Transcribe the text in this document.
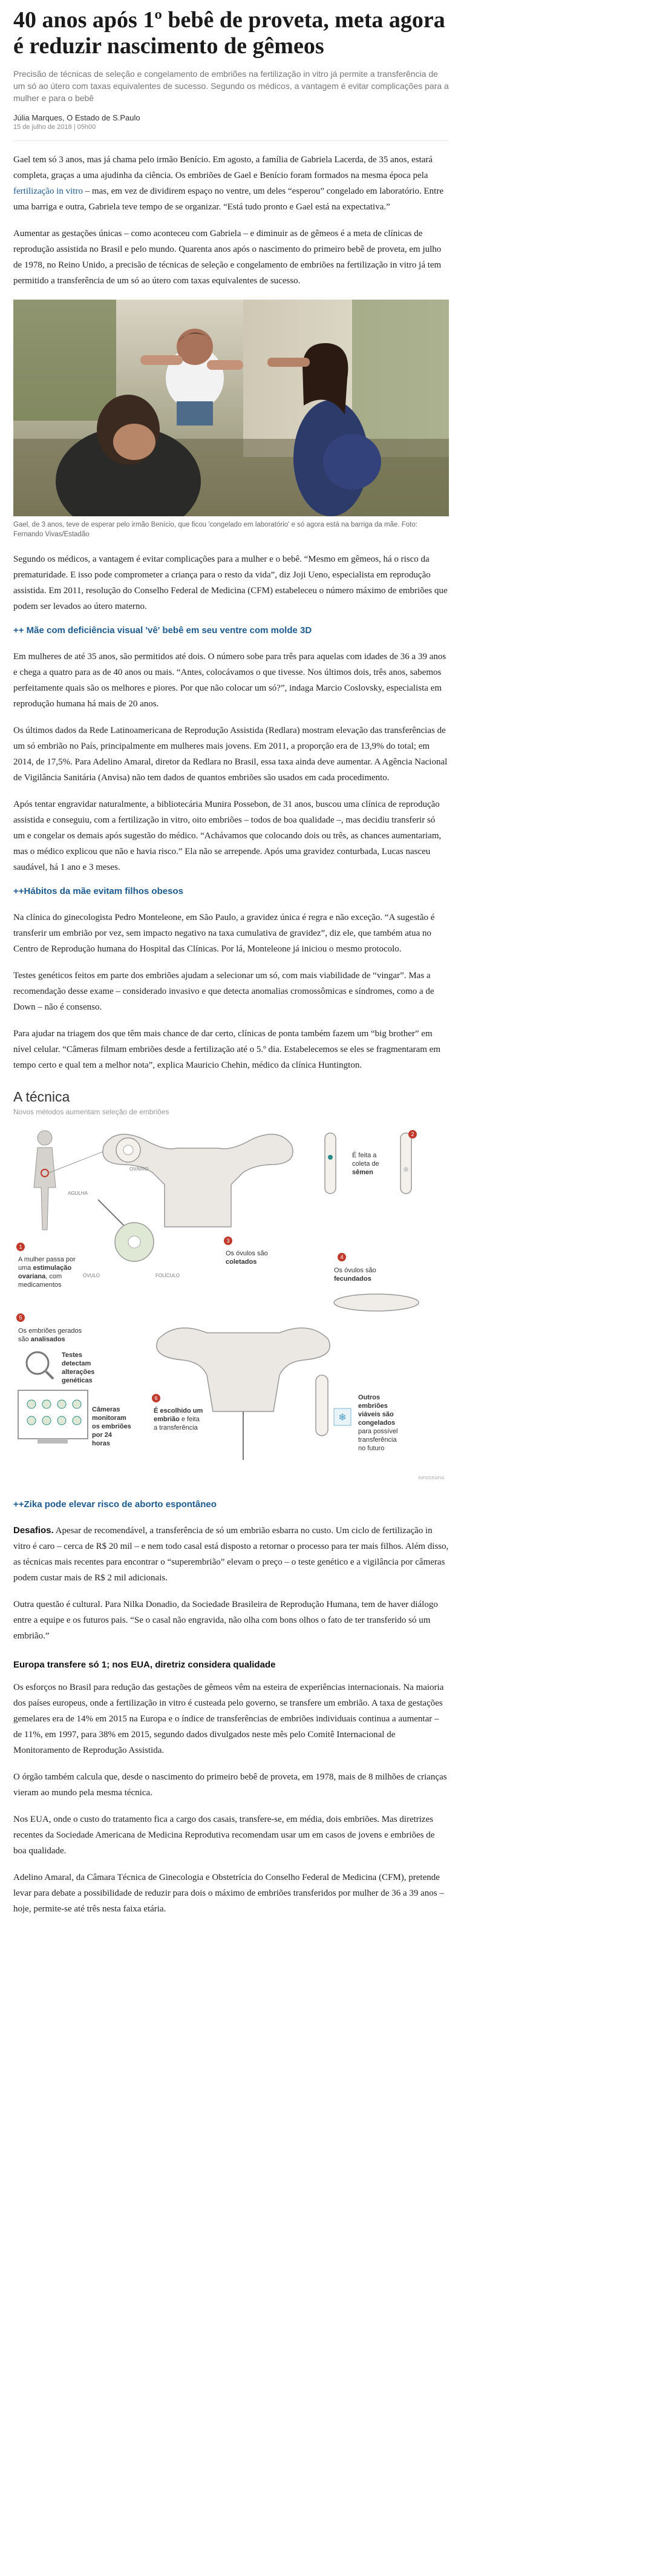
40 anos após 1º bebê de proveta, meta agora é reduzir nascimento de gêmeos

Precisão de técnicas de seleção e congelamento de embriões na fertilização in vitro já permite a transferência de um só ao útero com taxas equivalentes de sucesso. Segundo os médicos, a vantagem é evitar complicações para a mulher e para o bebê

Júlia Marques, O Estado de S.Paulo
15 de julho de 2018 | 05h00

Gael tem só 3 anos, mas já chama pelo irmão Benício. Em agosto, a família de Gabriela Lacerda, de 35 anos, estará completa, graças a uma ajudinha da ciência. Os embriões de Gael e Benício foram formados na mesma época pela fertilização in vitro – mas, em vez de dividirem espaço no ventre, um deles “esperou” congelado em laboratório. Entre uma barriga e outra, Gabriela teve tempo de se organizar. “Está tudo pronto e Gael está na expectativa.”

Aumentar as gestações únicas – como aconteceu com Gabriela – e diminuir as de gêmeos é a meta de clínicas de reprodução assistida no Brasil e pelo mundo. Quarenta anos após o nascimento do primeiro bebê de proveta, em julho de 1978, no Reino Unido, a precisão de técnicas de seleção e congelamento de embriões na fertilização in vitro já tem permitido a transferência de um só ao útero com taxas equivalentes de sucesso.

Gael, de 3 anos, teve de esperar pelo irmão Benício, que ficou 'congelado em laboratório' e só agora está na barriga da mãe. Foto: Fernando Vivas/Estadão

Segundo os médicos, a vantagem é evitar complicações para a mulher e o bebê. “Mesmo em gêmeos, há o risco da prematuridade. E isso pode comprometer a criança para o resto da vida”, diz Joji Ueno, especialista em reprodução assistida. Em 2011, resolução do Conselho Federal de Medicina (CFM) estabeleceu o número máximo de embriões que podem ser levados ao útero materno.

++ Mãe com deficiência visual 'vê' bebê em seu ventre com molde 3D

Em mulheres de até 35 anos, são permitidos até dois. O número sobe para três para aquelas com idades de 36 a 39 anos e chega a quatro para as de 40 anos ou mais. “Antes, colocávamos o que tivesse. Nos últimos dois, três anos, sabemos perfeitamente quais são os melhores e piores. Por que não colocar um só?”, indaga Marcio Coslovsky, especialista em reprodução humana há mais de 20 anos.

Os últimos dados da Rede Latinoamericana de Reprodução Assistida (Redlara) mostram elevação das transferências de um só embrião no País, principalmente em mulheres mais jovens. Em 2011, a proporção era de 13,9% do total; em 2014, de 17,5%. Para Adelino Amaral, diretor da Redlara no Brasil, essa taxa ainda deve aumentar. A Agência Nacional de Vigilância Sanitária (Anvisa) não tem dados de quantos embriões são usados em cada procedimento.

Após tentar engravidar naturalmente, a bibliotecária Munira Possebon, de 31 anos, buscou uma clínica de reprodução assistida e conseguiu, com a fertilização in vitro, oito embriões – todos de boa qualidade –, mas decidiu transferir só um e congelar os demais após sugestão do médico. “Achávamos que colocando dois ou três, as chances aumentariam, mas o médico explicou que não e havia risco.” Ela não se arrepende. Após uma gravidez conturbada, Lucas nasceu saudável, há 1 ano e 3 meses.

++Hábitos da mãe evitam filhos obesos

Na clínica do ginecologista Pedro Monteleone, em São Paulo, a gravidez única é regra e não exceção. “A sugestão é transferir um embrião por vez, sem impacto negativo na taxa cumulativa de gravidez”, diz ele, que também atua no Centro de Reprodução humana do Hospital das Clínicas. Por lá, Monteleone já iniciou o mesmo protocolo.

Testes genéticos feitos em parte dos embriões ajudam a selecionar um só, com mais viabilidade de “vingar”. Mas a recomendação desse exame – considerado invasivo e que detecta anomalias cromossômicas e síndromes, como a de Down – não é consenso.

Para ajudar na triagem dos que têm mais chance de dar certo, clínicas de ponta também fazem um “big brother” em nível celular. “Câmeras filmam embriões desde a fertilização até o 5.º dia. Estabelecemos se eles se fragmentaram em tempo certo e qual tem a melhor nota”, explica Mauricio Chehin, médico da clínica Huntington.

A técnica
Novos métodos aumentam seleção de embriões
OVÁRIO
AGULHA
ÓVULO	FOLÍCULO
1
A mulher passa por
uma estimulação
ovariana, com
medicamentos
3
Os óvulos são
coletados
2
É feita a
coleta de
sêmen
4
Os óvulos são
fecundados
5
Os embriões gerados
são analisados
Testes
detectam
alterações
genéticas
Câmeras
monitoram
os embriões
por 24
horas
6
É escolhido um
embrião e feita
a transferência
❄
Outros
embriões
viáveis são
congelados
para possível
transferência
no futuro
INFOGRAFIA
++Zika pode elevar risco de aborto espontâneo

Desafios. Apesar de recomendável, a transferência de só um embrião esbarra no custo. Um ciclo de fertilização in vitro é caro – cerca de R$ 20 mil – e nem todo casal está disposto a retornar o processo para ter mais filhos. Além disso, as técnicas mais recentes para encontrar o “superembrião” elevam o preço – o teste genético e a vigilância por câmeras podem custar mais de R$ 2 mil adicionais.

Outra questão é cultural. Para Nilka Donadio, da Sociedade Brasileira de Reprodução Humana, tem de haver diálogo entre a equipe e os futuros pais. “Se o casal não engravida, não olha com bons olhos o fato de ter transferido só um embrião.”

Europa transfere só 1; nos EUA, diretriz considera qualidade

Os esforços no Brasil para redução das gestações de gêmeos vêm na esteira de experiências internacionais. Na maioria dos países europeus, onde a fertilização in vitro é custeada pelo governo, se transfere um embrião. A taxa de gestações gemelares era de 14% em 2015 na Europa e o índice de transferências de embriões individuais continua a aumentar – de 11%, em 1997, para 38% em 2015, segundo dados divulgados neste mês pelo Comitê Internacional de Monitoramento de Reprodução Assistida.

O órgão também calcula que, desde o nascimento do primeiro bebê de proveta, em 1978, mais de 8 milhões de crianças vieram ao mundo pela mesma técnica.

Nos EUA, onde o custo do tratamento fica a cargo dos casais, transfere-se, em média, dois embriões. Mas diretrizes recentes da Sociedade Americana de Medicina Reprodutiva recomendam usar um em casos de jovens e embriões de boa qualidade.

Adelino Amaral, da Câmara Técnica de Ginecologia e Obstetrícia do Conselho Federal de Medicina (CFM), pretende levar para debate a possibilidade de reduzir para dois o máximo de embriões transferidos por mulher de 36 a 39 anos – hoje, permite-se até três nesta faixa etária.
